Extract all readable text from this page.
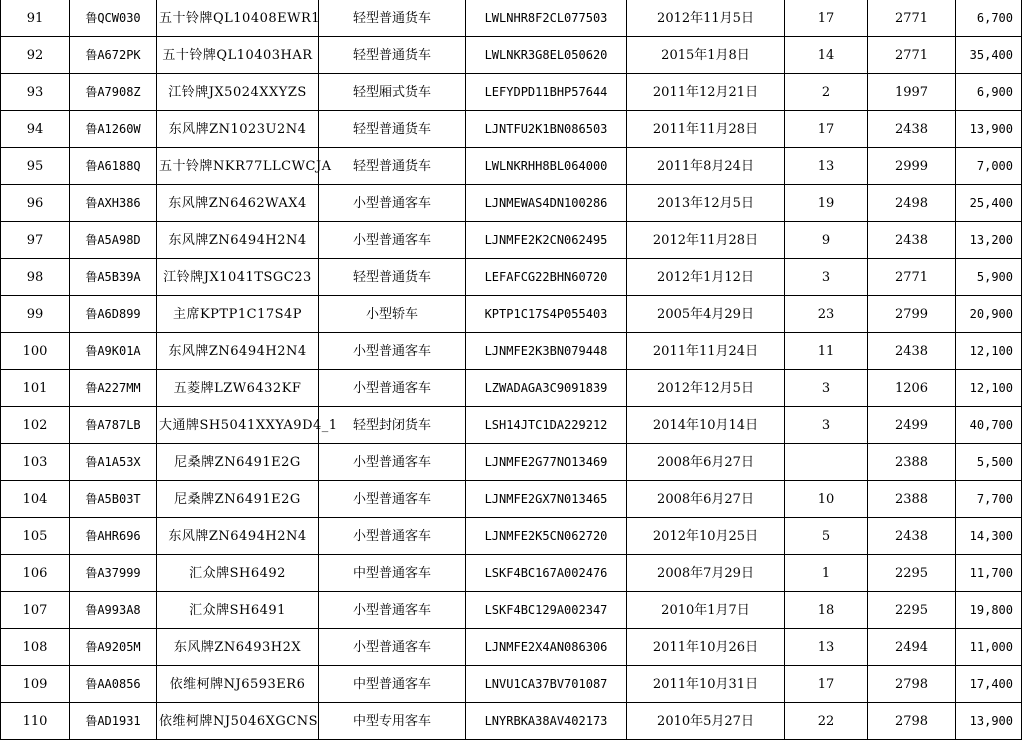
91	鲁QCW030	五十铃牌QL10408EWR1	轻型普通货车	LWLNHR8F2CL077503	2012年11月5日	17	2771	6,700
92	鲁A672PK	五十铃牌QL10403HAR	轻型普通货车	LWLNKR3G8EL050620	2015年1月8日	14	2771	35,400
93	鲁A7908Z	江铃牌JX5024XXYZS	轻型厢式货车	LEFYDPD11BHP57644	2011年12月21日	2	1997	6,900
94	鲁A1260W	东风牌ZN1023U2N4	轻型普通货车	LJNTFU2K1BN086503	2011年11月28日	17	2438	13,900
95	鲁A6188Q	五十铃牌NKR77LLCWCJA	轻型普通货车	LWLNKRHH8BL064000	2011年8月24日	13	2999	7,000
96	鲁AXH386	东风牌ZN6462WAX4	小型普通客车	LJNMEWAS4DN100286	2013年12月5日	19	2498	25,400
97	鲁A5A98D	东风牌ZN6494H2N4	小型普通客车	LJNMFE2K2CN062495	2012年11月28日	9	2438	13,200
98	鲁A5B39A	江铃牌JX1041TSGC23	轻型普通货车	LEFAFCG22BHN60720	2012年1月12日	3	2771	5,900
99	鲁A6D899	主席KPTP1C17S4P	小型轿车	KPTP1C17S4P055403	2005年4月29日	23	2799	20,900
100	鲁A9K01A	东风牌ZN6494H2N4	小型普通客车	LJNMFE2K3BN079448	2011年11月24日	11	2438	12,100
101	鲁A227MM	五菱牌LZW6432KF	小型普通客车	LZWADAGA3C9091839	2012年12月5日	3	1206	12,100
102	鲁A787LB	大通牌SH5041XXYA9D4_1	轻型封闭货车	LSH14JTC1DA229212	2014年10月14日	3	2499	40,700
103	鲁A1A53X	尼桑牌ZN6491E2G	小型普通客车	LJNMFE2G77NO13469	2008年6月27日		2388	5,500
104	鲁A5B03T	尼桑牌ZN6491E2G	小型普通客车	LJNMFE2GX7N013465	2008年6月27日	10	2388	7,700
105	鲁AHR696	东风牌ZN6494H2N4	小型普通客车	LJNMFE2K5CN062720	2012年10月25日	5	2438	14,300
106	鲁A37999	汇众牌SH6492	中型普通客车	LSKF4BC167A002476	2008年7月29日	1	2295	11,700
107	鲁A993A8	汇众牌SH6491	小型普通客车	LSKF4BC129A002347	2010年1月7日	18	2295	19,800
108	鲁A9205M	东风牌ZN6493H2X	小型普通客车	LJNMFE2X4AN086306	2011年10月26日	13	2494	11,000
109	鲁AA0856	依维柯牌NJ6593ER6	中型普通客车	LNVU1CA37BV701087	2011年10月31日	17	2798	17,400
110	鲁AD1931	依维柯牌NJ5046XGCNS	中型专用客车	LNYRBKA38AV402173	2010年5月27日	22	2798	13,900
